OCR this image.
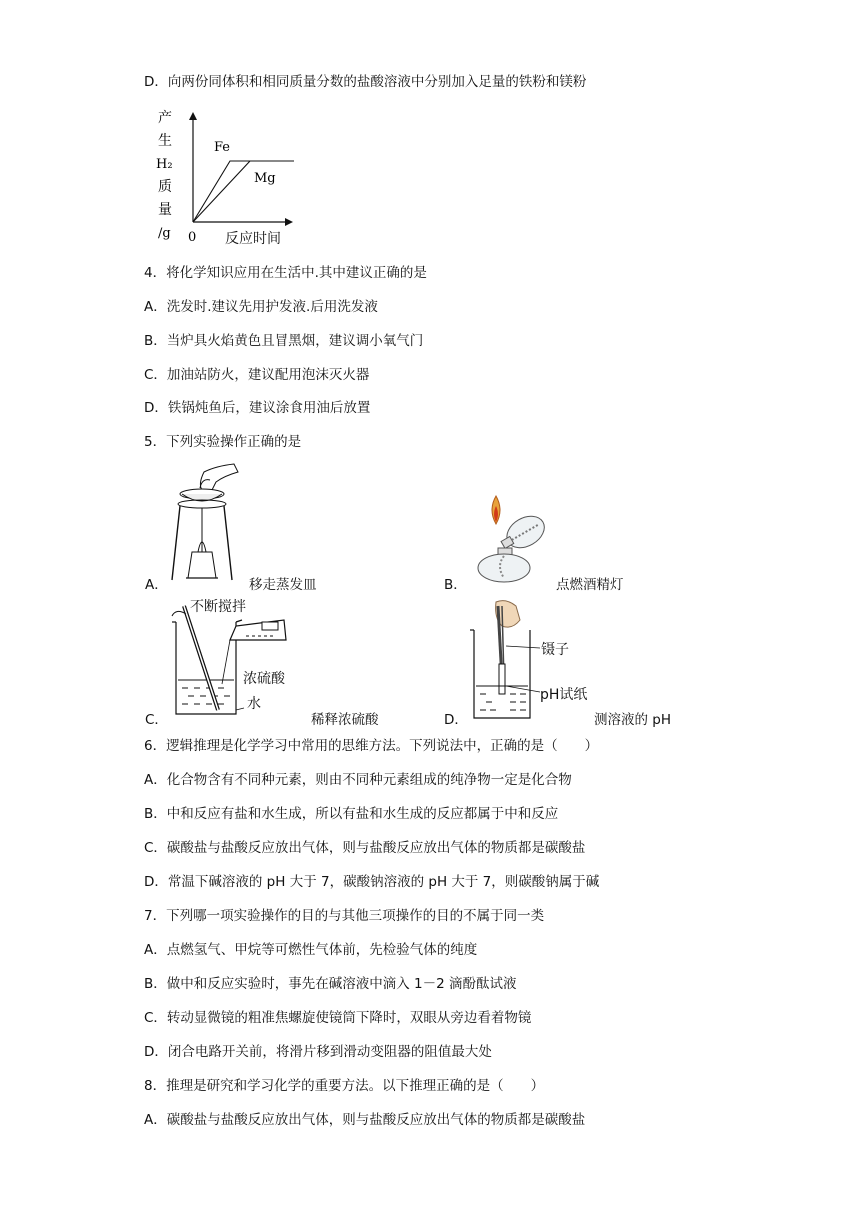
D．向两份同体积和相同质量分数的盐酸溶液中分别加入足量的铁粉和镁粉
产
生
H₂
质
量
/g
Fe
Mg
0 反应时间
4．将化学知识应用在生活中.其中建议正确的是
A．洗发时.建议先用护发液.后用洗发液
B．当炉具火焰黄色且冒黑烟，建议调小氧气门
C．加油站防火，建议配用泡沫灭火器
D．铁锅炖鱼后，建议涂食用油后放置
5．下列实验操作正确的是
A．	移走蒸发皿	B．	点燃酒精灯
不断搅拌
浓硫酸
水
C．	稀释浓硫酸
镊子
pH试纸
D．	测溶液的 pH
6．逻辑推理是化学学习中常用的思维方法。下列说法中，正确的是（　　）
A．化合物含有不同种元素，则由不同种元素组成的纯净物一定是化合物
B．中和反应有盐和水生成，所以有盐和水生成的反应都属于中和反应
C．碳酸盐与盐酸反应放出气体，则与盐酸反应放出气体的物质都是碳酸盐
D．常温下碱溶液的 pH 大于 7，碳酸钠溶液的 pH 大于 7，则碳酸钠属于碱
7．下列哪一项实验操作的目的与其他三项操作的目的不属于同一类
A．点燃氢气、甲烷等可燃性气体前，先检验气体的纯度
B．做中和反应实验时，事先在碱溶液中滴入 1－2 滴酚酞试液
C．转动显微镜的粗准焦螺旋使镜筒下降时，双眼从旁边看着物镜
D．闭合电路开关前，将滑片移到滑动变阻器的阻值最大处
8．推理是研究和学习化学的重要方法。以下推理正确的是（　　）
A．碳酸盐与盐酸反应放出气体，则与盐酸反应放出气体的物质都是碳酸盐
